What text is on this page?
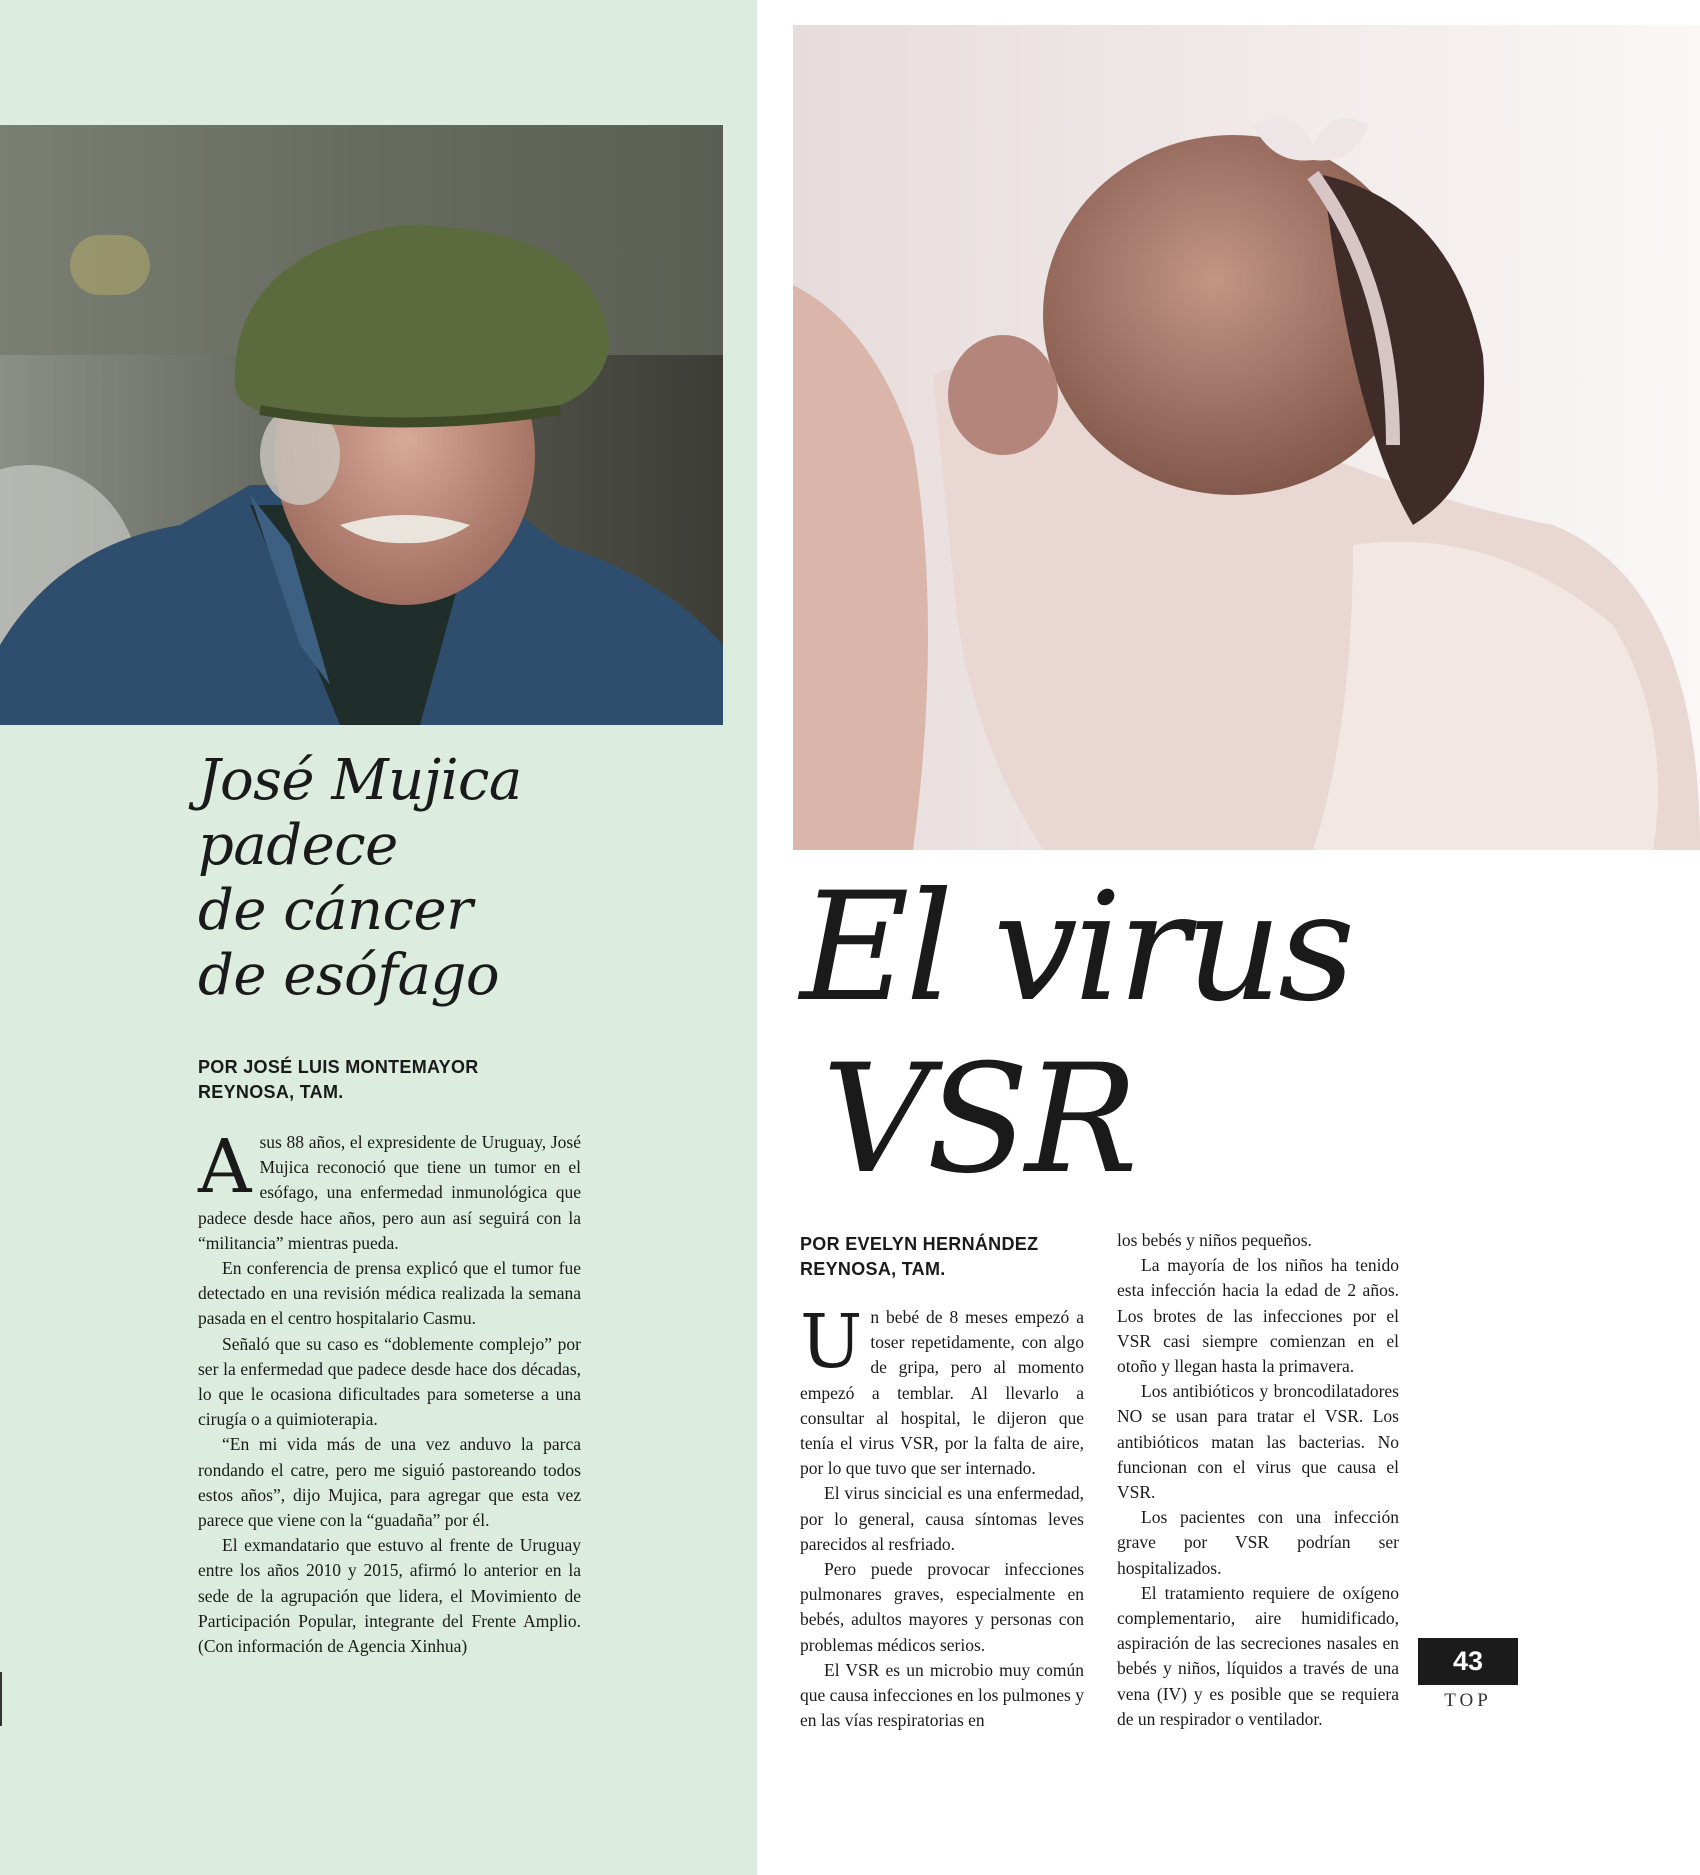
José Mujica
padece
de cáncer
de esófago
POR JOSÉ LUIS MONTEMAYOR
REYNOSA, TAM.

Asus 88 años, el expresidente de Uruguay, José Mujica reconoció que tiene un tumor en el esófago, una enfermedad inmunológica que padece desde hace años, pero aun así seguirá con la “militancia” mientras pueda.

En conferencia de prensa explicó que el tumor fue detectado en una revisión médica realizada la semana pasada en el centro hospitalario Casmu.

Señaló que su caso es “doblemente complejo” por ser la enfermedad que padece desde hace dos décadas, lo que le ocasiona dificultades para someterse a una cirugía o a quimioterapia.

“En mi vida más de una vez anduvo la parca rondando el catre, pero me siguió pastoreando todos estos años”, dijo Mujica, para agregar que esta vez parece que viene con la “guadaña” por él.

El exmandatario que estuvo al frente de Uruguay entre los años 2010 y 2015, afirmó lo anterior en la sede de la agrupación que lidera, el Movimiento de Participación Popular, integrante del Frente Amplio. (Con información de Agencia Xinhua)

El virus
VSR
POR EVELYN HERNÁNDEZ
REYNOSA, TAM.

Un bebé de 8 meses empezó a toser repetidamente, con algo de gripa, pero al momento empezó a temblar. Al llevarlo a consultar al hospital, le dijeron que tenía el virus VSR, por la falta de aire, por lo que tuvo que ser internado.

El virus sincicial es una enfermedad, por lo general, causa síntomas leves parecidos al resfriado.

Pero puede provocar infecciones pulmonares graves, especialmente en bebés, adultos mayores y personas con problemas médicos serios.

El VSR es un microbio muy común que causa infecciones en los pulmones y en las vías respiratorias en

los bebés y niños pequeños.

La mayoría de los niños ha tenido esta infección hacia la edad de 2 años. Los brotes de las infecciones por el VSR casi siempre comienzan en el otoño y llegan hasta la primavera.

Los antibióticos y broncodilatadores NO se usan para tratar el VSR. Los antibióticos matan las bacterias. No funcionan con el virus que causa el VSR.

Los pacientes con una infección grave por VSR podrían ser hospitalizados.

El tratamiento requiere de oxígeno complementario, aire humidificado, aspiración de las secreciones nasales en bebés y niños, líquidos a través de una vena (IV) y es posible que se requiera de un respirador o ventilador.

43
TOP
